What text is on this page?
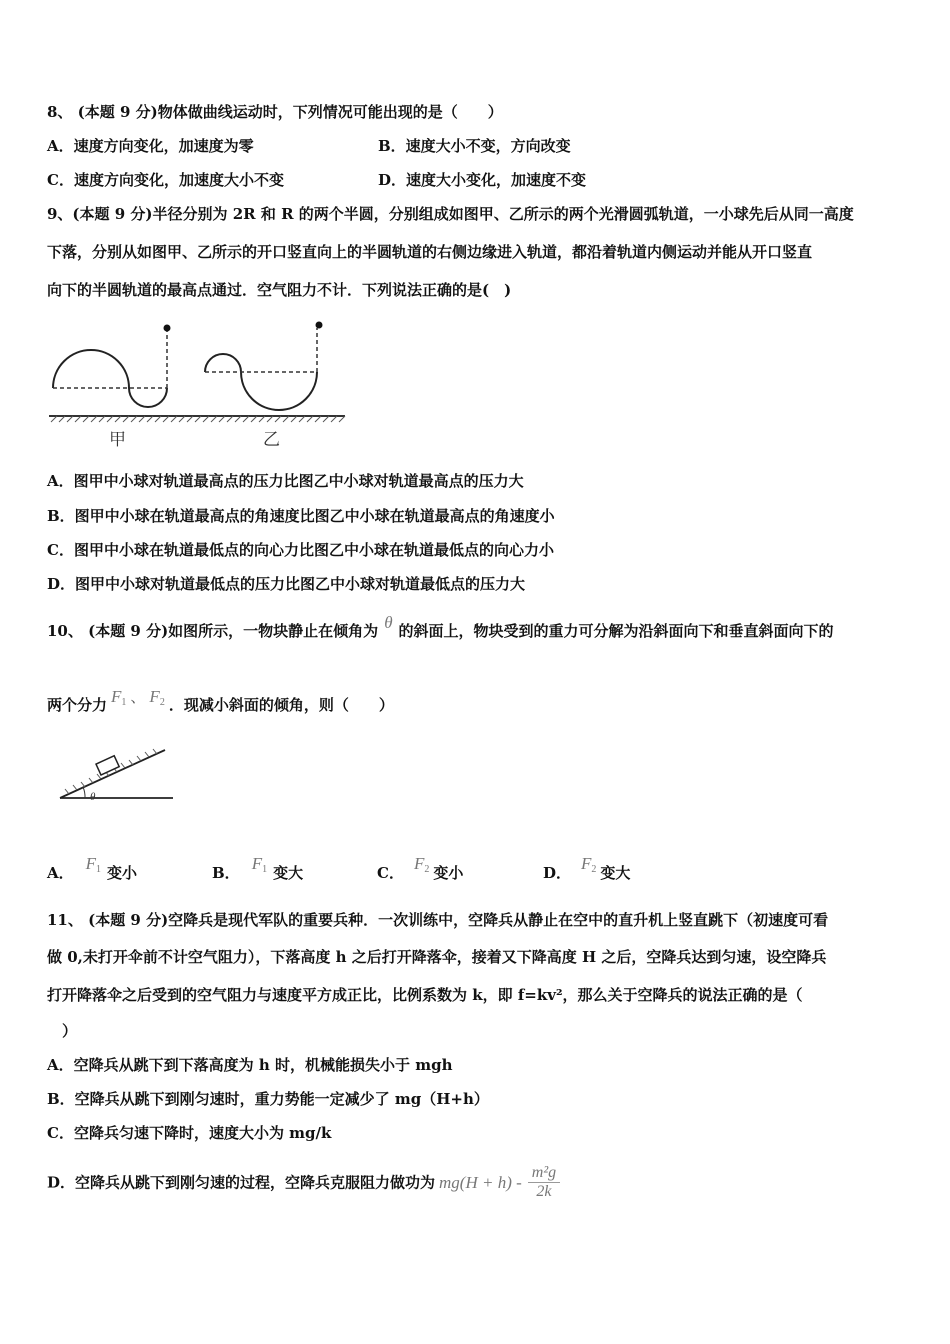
8、 (本题 9 分)物体做曲线运动时，下列情况可能出现的是（　　）
A．速度方向变化，加速度为零	B．速度大小不变，方向改变
C．速度方向变化，加速度大小不变	D．速度大小变化，加速度不变
9、(本题 9 分)半径分别为 2R 和 R 的两个半圆，分别组成如图甲、乙所示的两个光滑圆弧轨道，一小球先后从同一高度
下落，分别从如图甲、乙所示的开口竖直向上的半圆轨道的右侧边缘进入轨道，都沿着轨道内侧运动并能从开口竖直
向下的半圆轨道的最高点通过．空气阻力不计．下列说法正确的是(　)
甲	乙
A．图甲中小球对轨道最高点的压力比图乙中小球对轨道最高点的压力大
B．图甲中小球在轨道最高点的角速度比图乙中小球在轨道最高点的角速度小
C．图甲中小球在轨道最低点的向心力比图乙中小球在轨道最低点的向心力小
D．图甲中小球对轨道最低点的压力比图乙中小球对轨道最低点的压力大
10、 (本题 9 分)如图所示，一物块静止在倾角为 θ 的斜面上，物块受到的重力可分解为沿斜面向下和垂直斜面向下的
两个分力 $F_1$ 、 $F_2$ ．现减小斜面的倾角，则（　　）
θ
A． $F_1$ 变小	B． $F_1$ 变大	C． $F_2$ 变小	D． $F_2$ 变大
11、 (本题 9 分)空降兵是现代军队的重要兵种．一次训练中，空降兵从静止在空中的直升机上竖直跳下（初速度可看
做 0,未打开伞前不计空气阻力），下落高度 h 之后打开降落伞，接着又下降高度 H 之后，空降兵达到匀速，设空降兵
打开降落伞之后受到的空气阻力与速度平方成正比，比例系数为 k，即 f=kv²，那么关于空降兵的说法正确的是（
）
A．空降兵从跳下到下落高度为 h 时，机械能损失小于 mgh
B．空降兵从跳下到刚匀速时，重力势能一定减少了 mg（H+h）
C．空降兵匀速下降时，速度大小为 mg/k
D．空降兵从跳下到刚匀速的过程，空降兵克服阻力做功为 $mg(H + h) - \frac{\text{m²g}}{2k}$
